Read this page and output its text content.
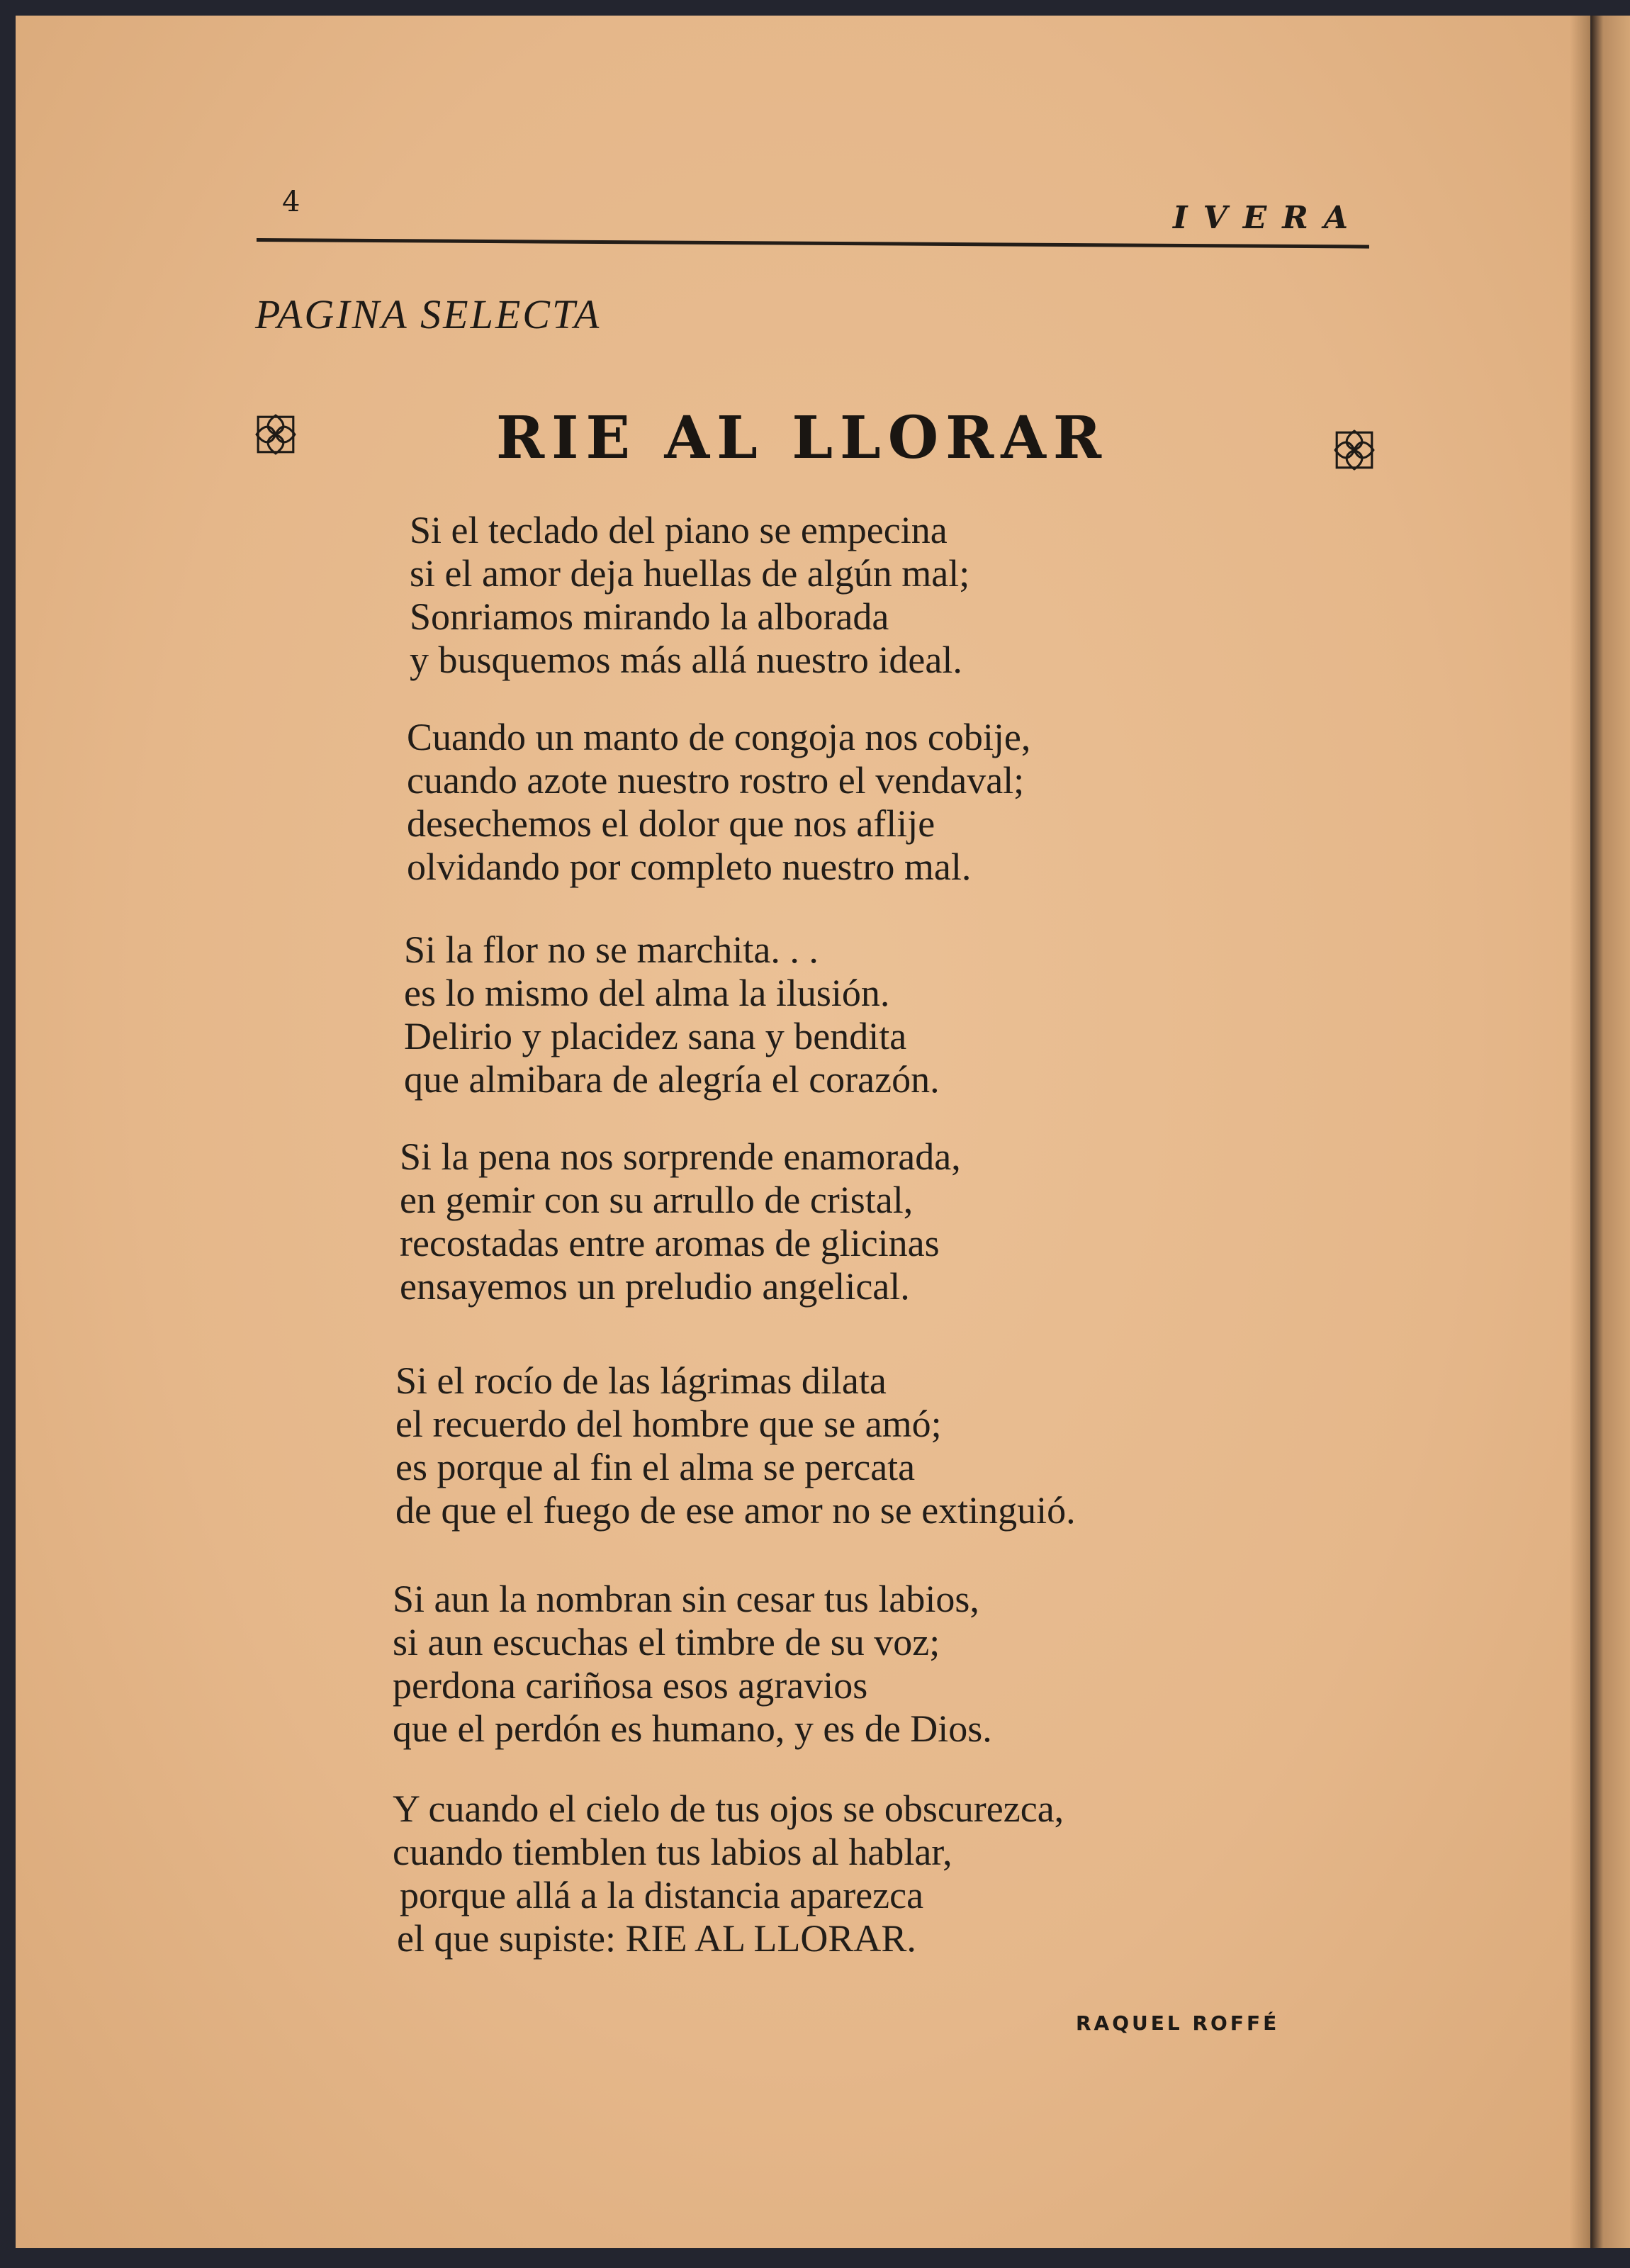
4	IVERA
PAGINA SELECTA
RIE AL LLORAR
Si el teclado del piano se empecina
si el amor deja huellas de algún mal;
Sonriamos mirando la alborada
y busquemos más allá nuestro ideal.
Cuando un manto de congoja nos cobije,
cuando azote nuestro rostro el vendaval;
desechemos el dolor que nos aflije
olvidando por completo nuestro mal.
Si la flor no se marchita. . .
es lo mismo del alma la ilusión.
Delirio y placidez sana y bendita
que almibara de alegría el corazón.
Si la pena nos sorprende enamorada,
en gemir con su arrullo de cristal,
recostadas entre aromas de glicinas
ensayemos un preludio angelical.
Si el rocío de las lágrimas dilata
el recuerdo del hombre que se amó;
es porque al fin el alma se percata
de que el fuego de ese amor no se extinguió.
Si aun la nombran sin cesar tus labios,
si aun escuchas el timbre de su voz;
perdona cariñosa esos agravios
que el perdón es humano, y es de Dios.
Y cuando el cielo de tus ojos se obscurezca,
cuando tiemblen tus labios al hablar,
porque allá a la distancia aparezca
el que supiste: RIE AL LLORAR.
RAQUEL ROFFÉ
